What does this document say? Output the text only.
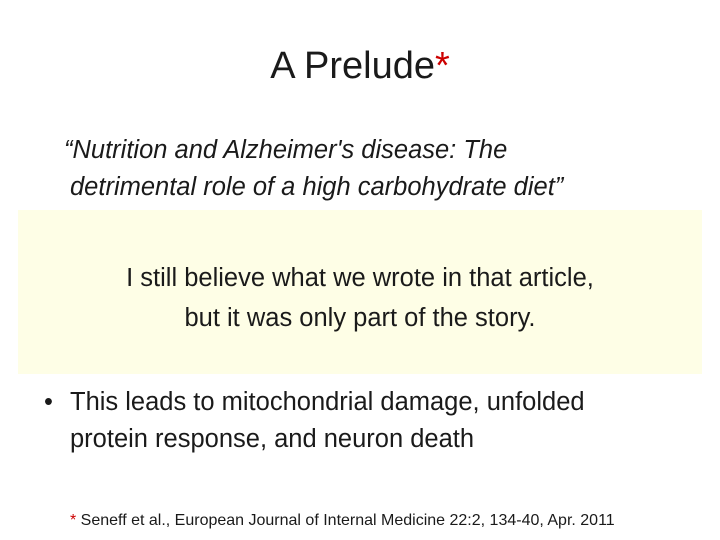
A Prelude*
“Nutrition and Alzheimer's disease: The
detrimental role of a high carbohydrate diet”
I still believe what we wrote in that article,
but it was only part of the story.
• This leads to mitochondrial damage, unfolded
protein response, and neuron death
* Seneff et al., European Journal of Internal Medicine 22:2, 134-40, Apr. 2011
